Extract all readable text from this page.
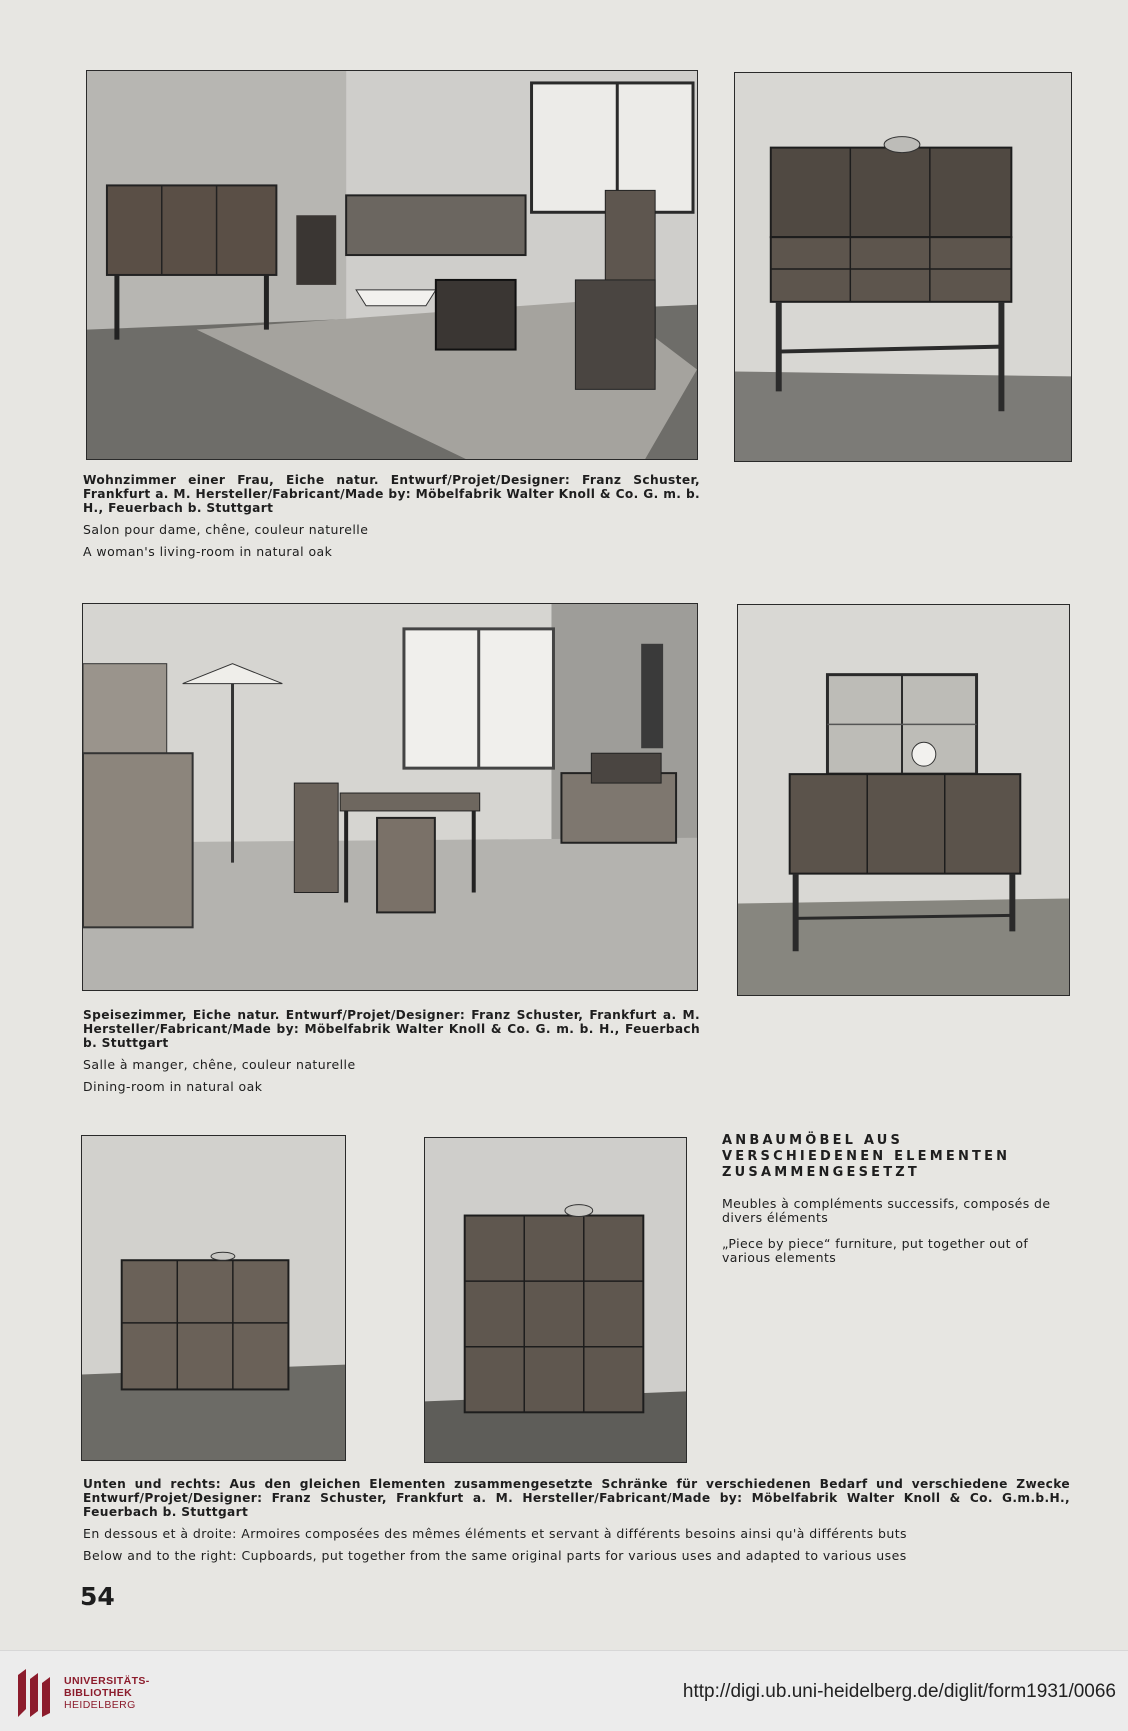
Wohnzimmer einer Frau, Eiche natur. Entwurf/Projet/Designer: Franz Schuster, Frankfurt a. M. Hersteller/Fabricant/Made by: Möbelfabrik Walter Knoll & Co. G. m. b. H., Feuerbach b. Stuttgart

Salon pour dame, chêne, couleur naturelle

A woman's living-room in natural oak

Speisezimmer, Eiche natur. Entwurf/Projet/Designer: Franz Schuster, Frankfurt a. M. Hersteller/Fabricant/Made by: Möbelfabrik Walter Knoll & Co. G. m. b. H., Feuerbach b. Stuttgart

Salle à manger, chêne, couleur naturelle

Dining-room in natural oak

ANBAUMÖBEL AUS VERSCHIEDENEN ELEMENTEN ZUSAMMENGESETZT

Meubles à compléments successifs, composés de divers éléments

„Piece by piece“ furniture, put together out of various elements

Unten und rechts: Aus den gleichen Elementen zusammengesetzte Schränke für verschiedenen Bedarf und verschiedene Zwecke Entwurf/Projet/Designer: Franz Schuster, Frankfurt a. M. Hersteller/Fabricant/Made by: Möbelfabrik Walter Knoll & Co. G.m.b.H., Feuerbach b. Stuttgart

En dessous et à droite: Armoires composées des mêmes éléments et servant à différents besoins ainsi qu'à différents buts

Below and to the right: Cupboards, put together from the same original parts for various uses and adapted to various uses

54
UNIVERSITÄTS-
BIBLIOTHEK
HEIDELBERG
http://digi.ub.uni-heidelberg.de/diglit/form1931/0066
